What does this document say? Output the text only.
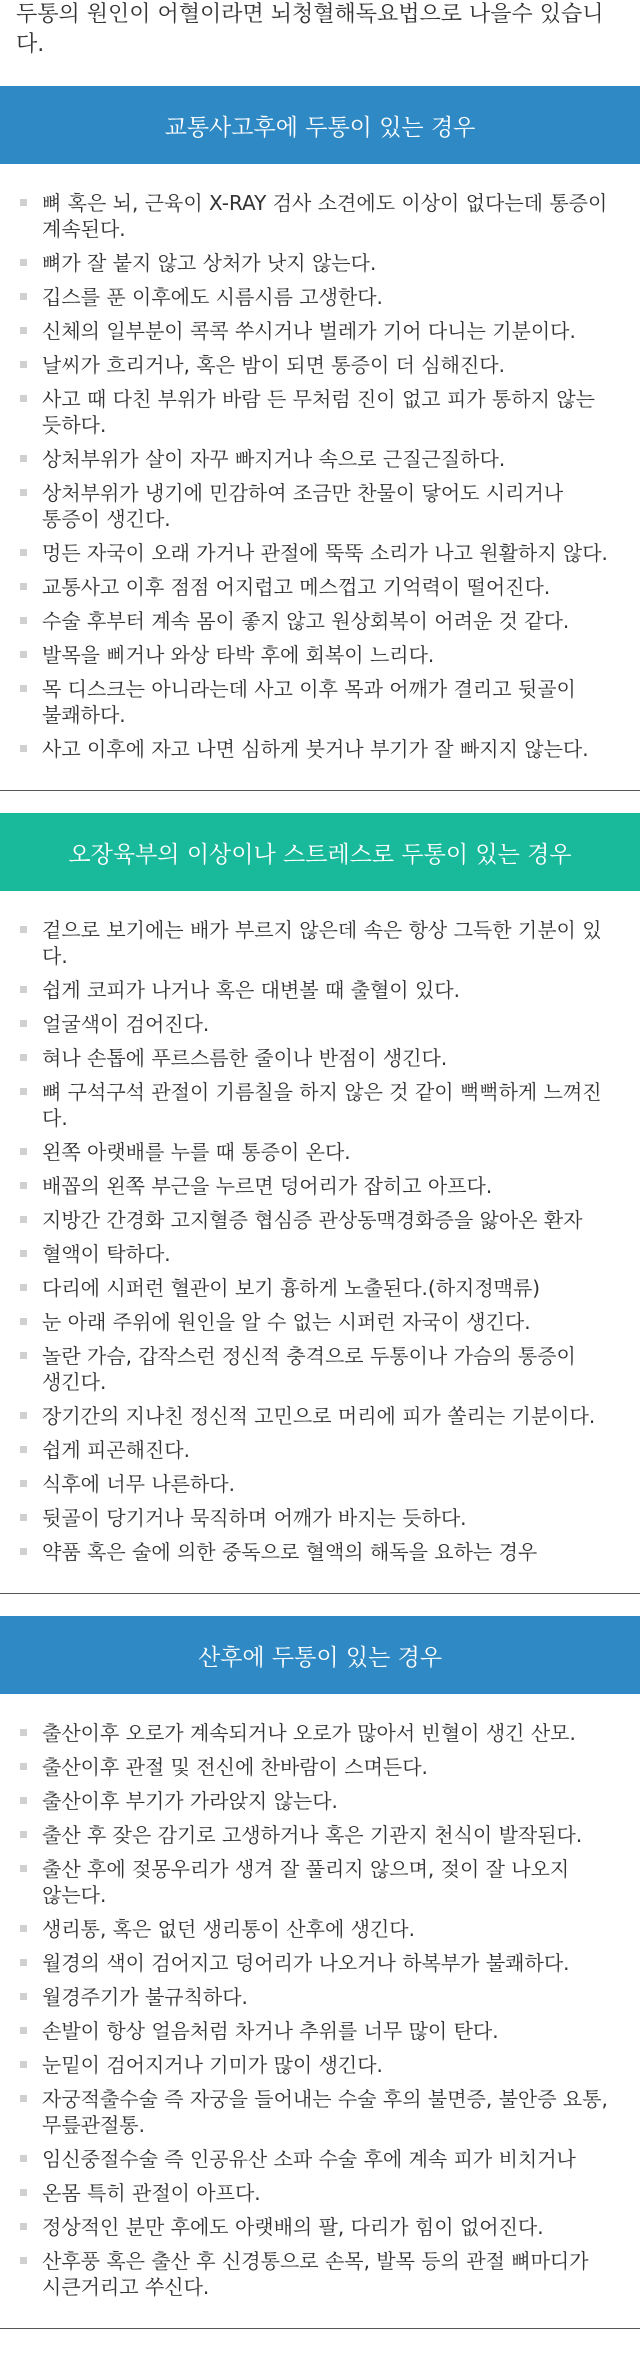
두통의 원인이 어혈이라면 뇌청혈해독요법으로 나을수 있습니다.

교통사고후에 두통이 있는 경우
뼈 혹은 뇌, 근육이 X-RAY 검사 소견에도 이상이 없다는데 통증이
계속된다.
뼈가 잘 붙지 않고 상처가 낫지 않는다.
깁스를 푼 이후에도 시름시름 고생한다.
신체의 일부분이 콕콕 쑤시거나 벌레가 기어 다니는 기분이다.
날씨가 흐리거나, 혹은 밤이 되면 통증이 더 심해진다.
사고 때 다친 부위가 바람 든 무처럼 진이 없고 피가 통하지 않는
듯하다.
상처부위가 살이 자꾸 빠지거나 속으로 근질근질하다.
상처부위가 냉기에 민감하여 조금만 찬물이 닿어도 시리거나
통증이 생긴다.
멍든 자국이 오래 가거나 관절에 뚝뚝 소리가 나고 원활하지 않다.
교통사고 이후 점점 어지럽고 메스껍고 기억력이 떨어진다.
수술 후부터 계속 몸이 좋지 않고 원상회복이 어려운 것 같다.
발목을 삐거나 와상 타박 후에 회복이 느리다.
목 디스크는 아니라는데 사고 이후 목과 어깨가 결리고 뒷골이
불쾌하다.
사고 이후에 자고 나면 심하게 붓거나 부기가 잘 빠지지 않는다.
오장육부의 이상이나 스트레스로 두통이 있는 경우
겉으로 보기에는 배가 부르지 않은데 속은 항상 그득한 기분이 있다.
쉽게 코피가 나거나 혹은 대변볼 때 출혈이 있다.
얼굴색이 검어진다.
혀나 손톱에 푸르스름한 줄이나 반점이 생긴다.
뼈 구석구석 관절이 기름칠을 하지 않은 것 같이 뻑뻑하게 느껴진다.
왼쪽 아랫배를 누를 때 통증이 온다.
배꼽의 왼쪽 부근을 누르면 덩어리가 잡히고 아프다.
지방간 간경화 고지혈증 협심증 관상동맥경화증을 앓아온 환자
혈액이 탁하다.
다리에 시퍼런 혈관이 보기 흉하게 노출된다.(하지정맥류)
눈 아래 주위에 원인을 알 수 없는 시퍼런 자국이 생긴다.
놀란 가슴, 갑작스런 정신적 충격으로 두통이나 가슴의 통증이
생긴다.
장기간의 지나친 정신적 고민으로 머리에 피가 쏠리는 기분이다.
쉽게 피곤해진다.
식후에 너무 나른하다.
뒷골이 당기거나 묵직하며 어깨가 바지는 듯하다.
약품 혹은 술에 의한 중독으로 혈액의 해독을 요하는 경우
산후에 두통이 있는 경우
출산이후 오로가 계속되거나 오로가 많아서 빈혈이 생긴 산모.
출산이후 관절 및 전신에 찬바람이 스며든다.
출산이후 부기가 가라앉지 않는다.
출산 후 잦은 감기로 고생하거나 혹은 기관지 천식이 발작된다.
출산 후에 젖몽우리가 생겨 잘 풀리지 않으며, 젖이 잘 나오지
않는다.
생리통, 혹은 없던 생리통이 산후에 생긴다.
월경의 색이 검어지고 덩어리가 나오거나 하복부가 불쾌하다.
월경주기가 불규칙하다.
손발이 항상 얼음처럼 차거나 추위를 너무 많이 탄다.
눈밑이 검어지거나 기미가 많이 생긴다.
자궁적출수술 즉 자궁을 들어내는 수술 후의 불면증, 불안증 요통,
무릎관절통.
임신중절수술 즉 인공유산 소파 수술 후에 계속 피가 비치거나
온몸 특히 관절이 아프다.
정상적인 분만 후에도 아랫배의 팔, 다리가 힘이 없어진다.
산후풍 혹은 출산 후 신경통으로 손목, 발목 등의 관절 뼈마디가
시큰거리고 쑤신다.
